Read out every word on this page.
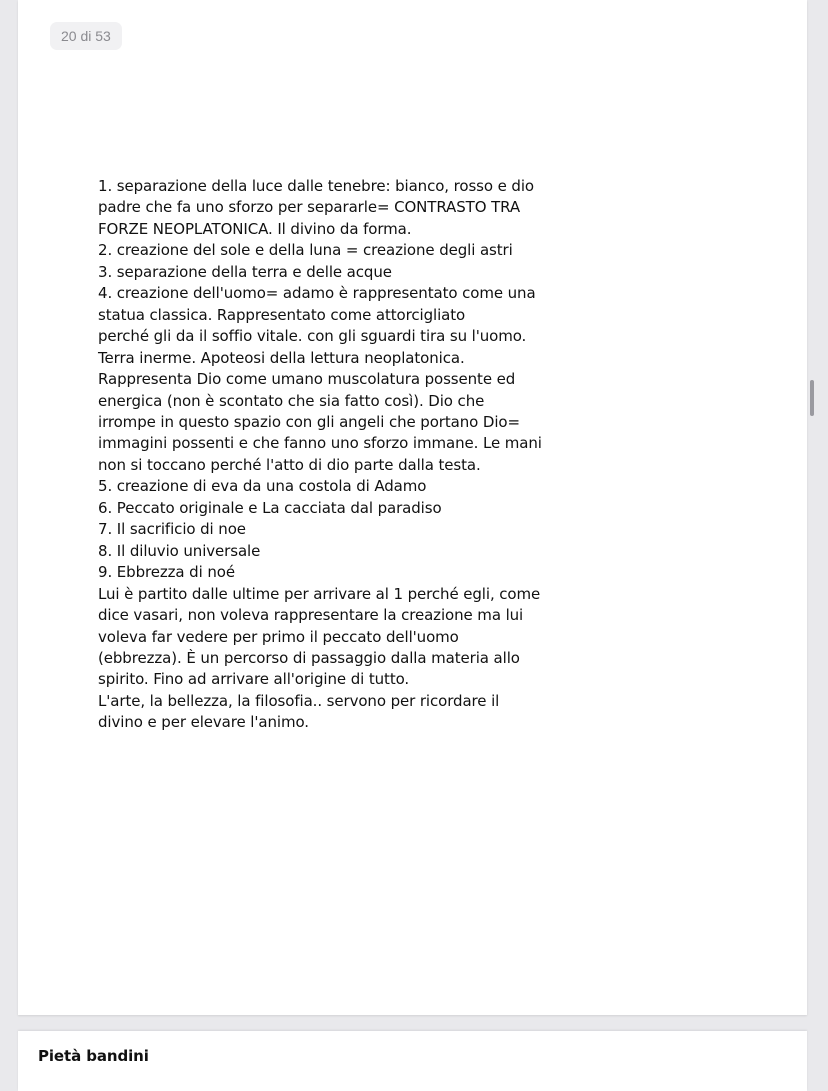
20 di 53
1. separazione della luce dalle tenebre: bianco, rosso e dio
padre che fa uno sforzo per separarle= CONTRASTO TRA
FORZE NEOPLATONICA. Il divino da forma.
2. creazione del sole e della luna = creazione degli astri
3. separazione della terra e delle acque
4. creazione dell'uomo= adamo è rappresentato come una
statua classica. Rappresentato come attorcigliato
perché gli da il soffio vitale. con gli sguardi tira su l'uomo.
Terra inerme. Apoteosi della lettura neoplatonica.
Rappresenta Dio come umano muscolatura possente ed
energica (non è scontato che sia fatto così). Dio che
irrompe in questo spazio con gli angeli che portano Dio=
immagini possenti e che fanno uno sforzo immane. Le mani
non si toccano perché l'atto di dio parte dalla testa.
5. creazione di eva da una costola di Adamo
6. Peccato originale e La cacciata dal paradiso
7. Il sacrificio di noe
8. Il diluvio universale
9. Ebbrezza di noé
Lui è partito dalle ultime per arrivare al 1 perché egli, come
dice vasari, non voleva rappresentare la creazione ma lui
voleva far vedere per primo il peccato dell'uomo
(ebbrezza). È un percorso di passaggio dalla materia allo
spirito. Fino ad arrivare all'origine di tutto.
L'arte, la bellezza, la filosofia.. servono per ricordare il
divino e per elevare l'animo.
Pietà bandini
